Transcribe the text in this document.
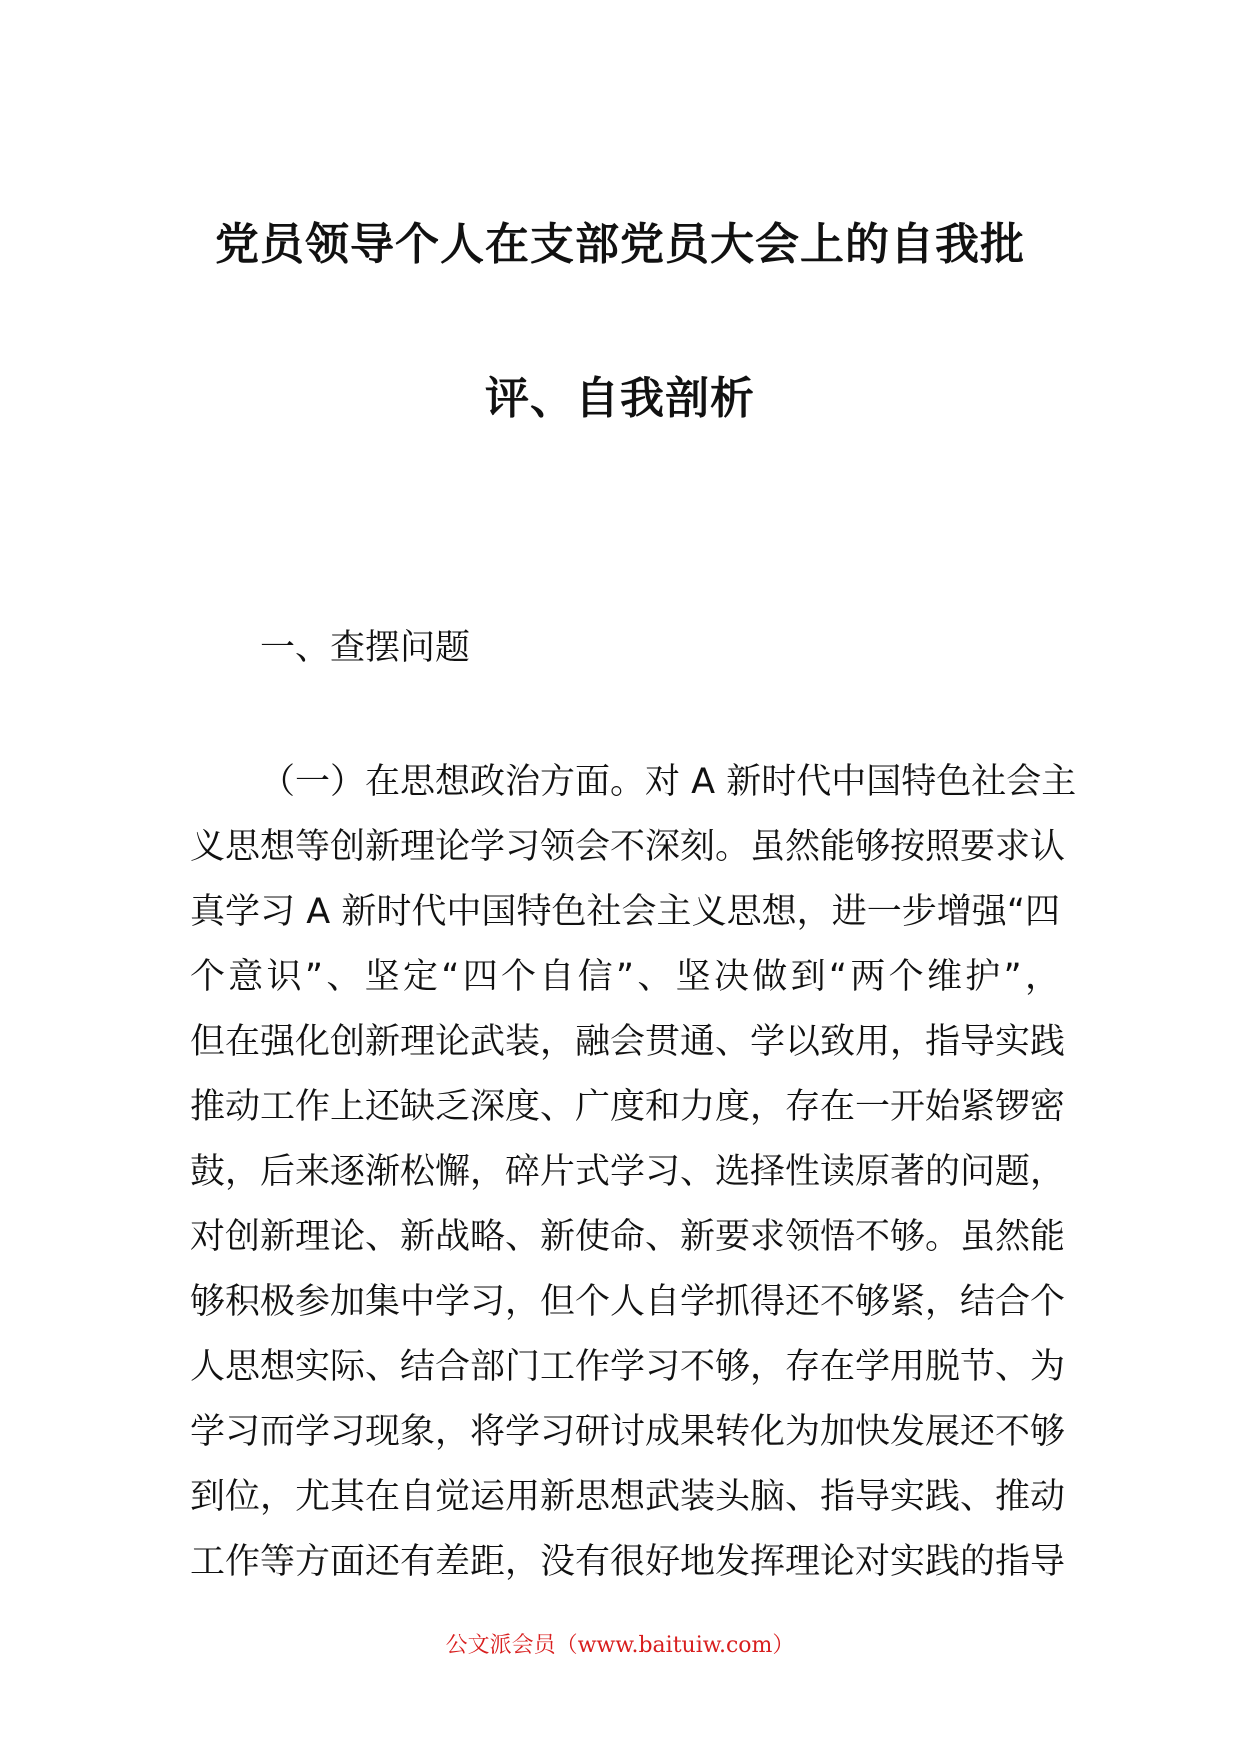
党员领导个人在支部党员大会上的自我批
评、自我剖析
一、查摆问题
（一）在思想政治方面。对 A 新时代中国特色社会主
义思想等创新理论学习领会不深刻。虽然能够按照要求认
真学习 A 新时代中国特色社会主义思想，进一步增强“四
个意识”、坚定“四个自信”、坚决做到“两个维护”，
但在强化创新理论武装，融会贯通、学以致用，指导实践
推动工作上还缺乏深度、广度和力度，存在一开始紧锣密
鼓，后来逐渐松懈，碎片式学习、选择性读原著的问题，
对创新理论、新战略、新使命、新要求领悟不够。虽然能
够积极参加集中学习，但个人自学抓得还不够紧，结合个
人思想实际、结合部门工作学习不够，存在学用脱节、为
学习而学习现象，将学习研讨成果转化为加快发展还不够
到位，尤其在自觉运用新思想武装头脑、指导实践、推动
工作等方面还有差距，没有很好地发挥理论对实践的指导
公文派会员（www.baituiw.com）
